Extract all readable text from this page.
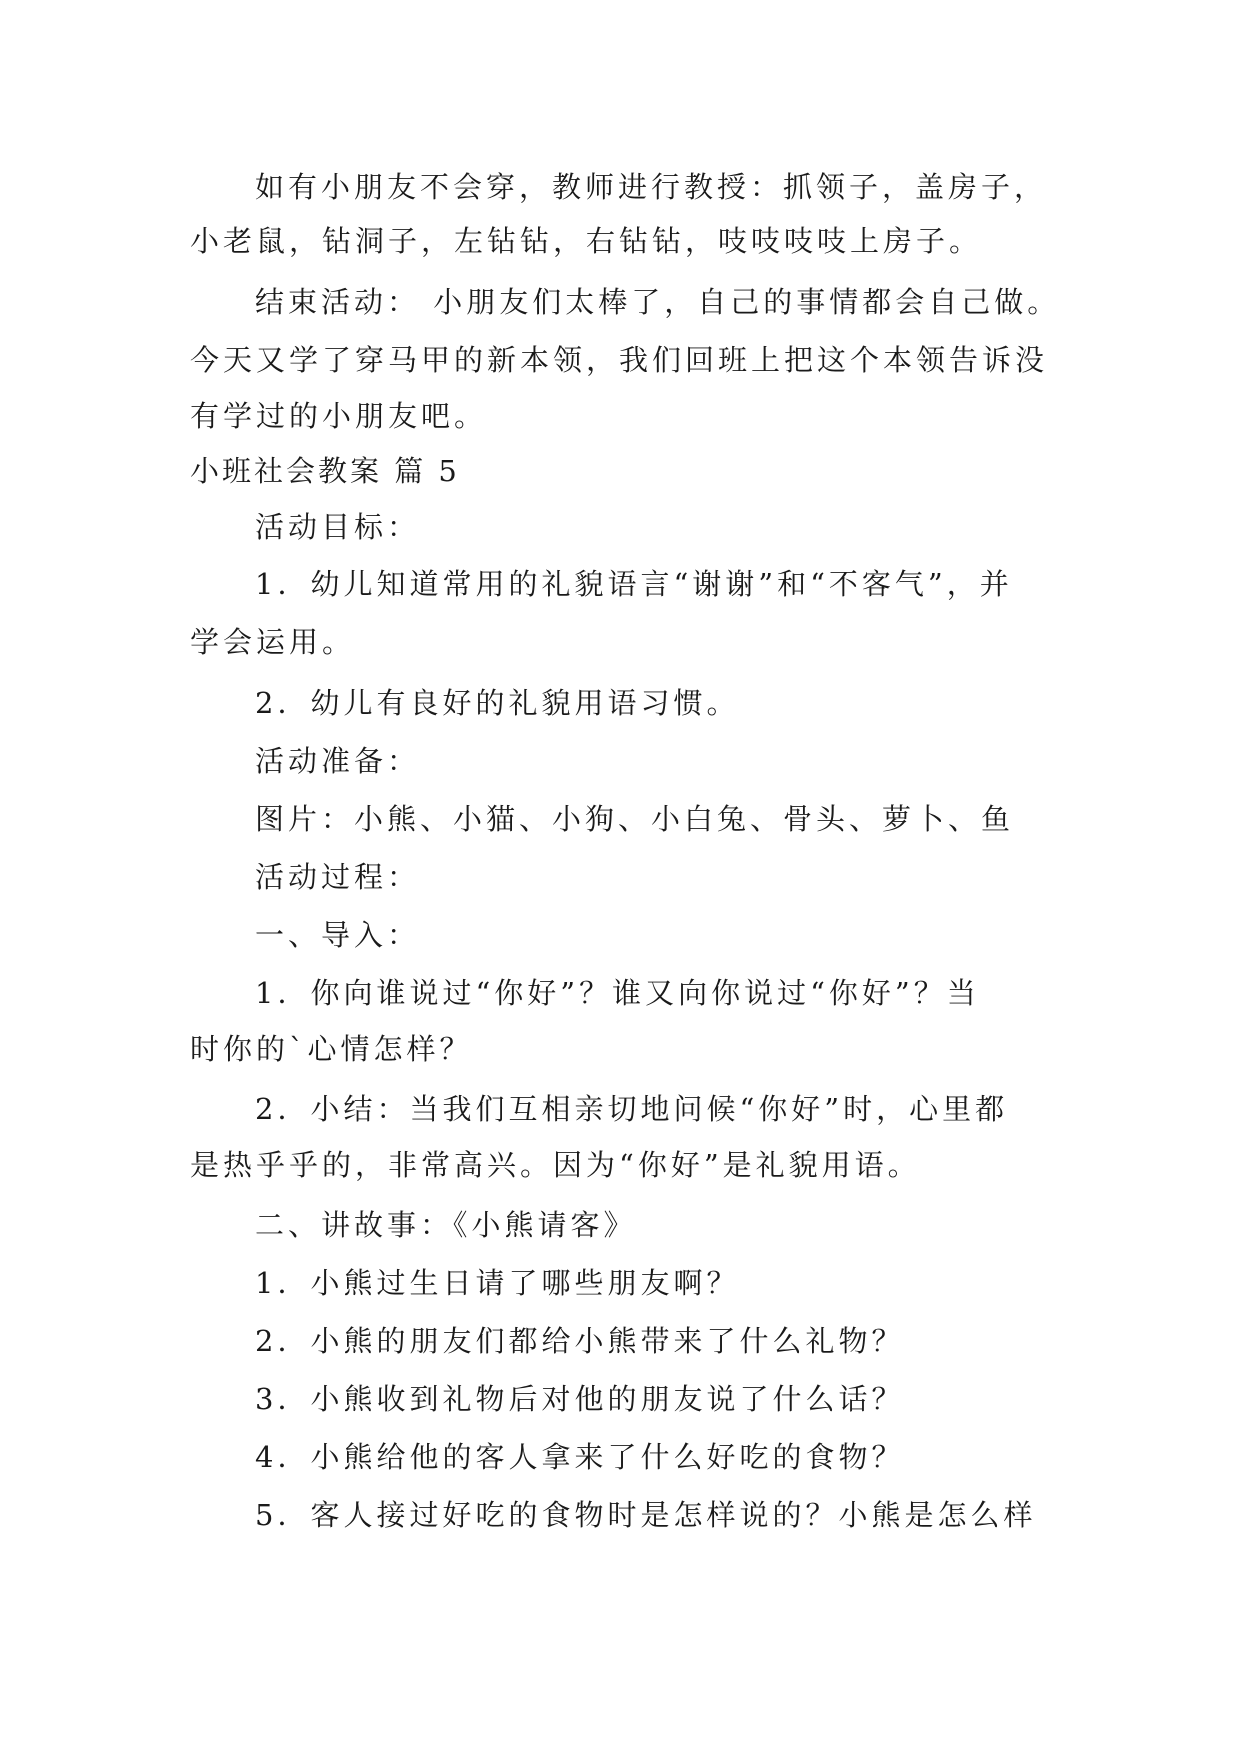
如有小朋友不会穿，教师进行教授：抓领子，盖房子，
小老鼠，钻洞子，左钻钻，右钻钻，吱吱吱吱上房子。
结束活动： 小朋友们太棒了，自己的事情都会自己做。
今天又学了穿马甲的新本领，我们回班上把这个本领告诉没
有学过的小朋友吧。
小班社会教案 篇 5
活动目标：
1．幼儿知道常用的礼貌语言“谢谢”和“不客气”，并
学会运用。
2．幼儿有良好的礼貌用语习惯。
活动准备：
图片：小熊、小猫、小狗、小白兔、骨头、萝卜、鱼
活动过程：
一、导入：
1．你向谁说过“你好”？谁又向你说过“你好”？当
时你的`心情怎样？
2．小结：当我们互相亲切地问候“你好”时，心里都
是热乎乎的，非常高兴。因为“你好”是礼貌用语。
二、讲故事：《小熊请客》
1．小熊过生日请了哪些朋友啊？
2．小熊的朋友们都给小熊带来了什么礼物？
3．小熊收到礼物后对他的朋友说了什么话？
4．小熊给他的客人拿来了什么好吃的食物？
5．客人接过好吃的食物时是怎样说的？小熊是怎么样
